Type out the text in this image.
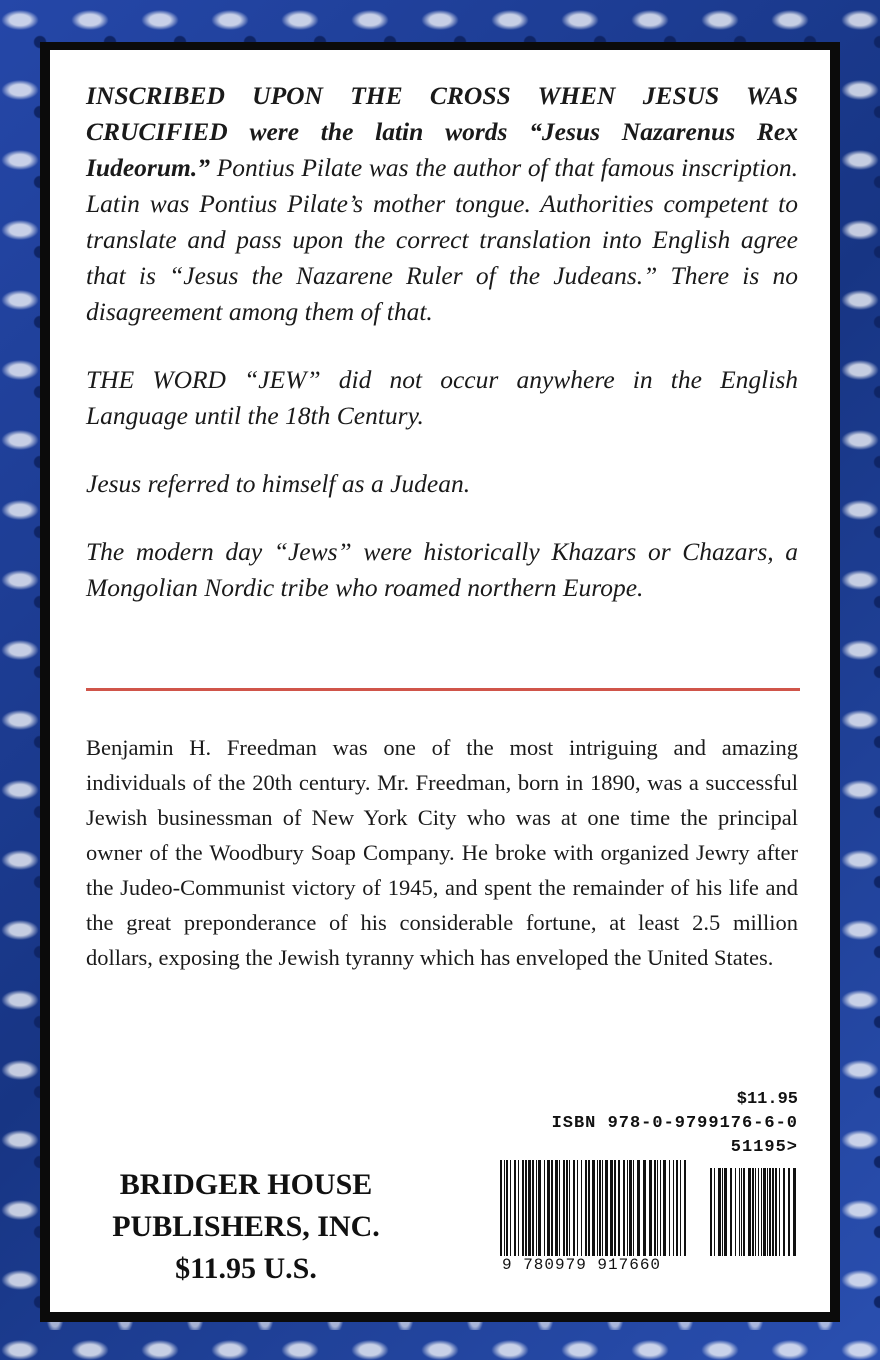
INSCRIBED UPON THE CROSS WHEN JESUS WAS CRUCIFIED were the latin words “Jesus Nazarenus Rex Iudeorum.” Pontius Pilate was the author of that famous inscription. Latin was Pontius Pilate’s mother tongue. Authorities competent to translate and pass upon the correct translation into English agree that is “Jesus the Nazarene Ruler of the Judeans.” There is no disagreement among them of that.

THE WORD “JEW” did not occur anywhere in the English Language until the 18th Century.

Jesus referred to himself as a Judean.

The modern day “Jews” were historically Khazars or Chazars, a Mongolian Nordic tribe who roamed northern Europe.

Benjamin H. Freedman was one of the most intriguing and amazing individuals of the 20th century. Mr. Freedman, born in 1890, was a successful Jewish businessman of New York City who was at one time the principal owner of the Woodbury Soap Company. He broke with organized Jewry after the Judeo-Communist victory of 1945, and spent the remainder of his life and the great preponderance of his considerable fortune, at least 2.5 million dollars, exposing the Jewish tyranny which has enveloped the United States.

BRIDGER HOUSE
PUBLISHERS, INC.
$11.95 U.S.
$11.95
ISBN 978-0-9799176-6-0
51195>
9 780979 917660
